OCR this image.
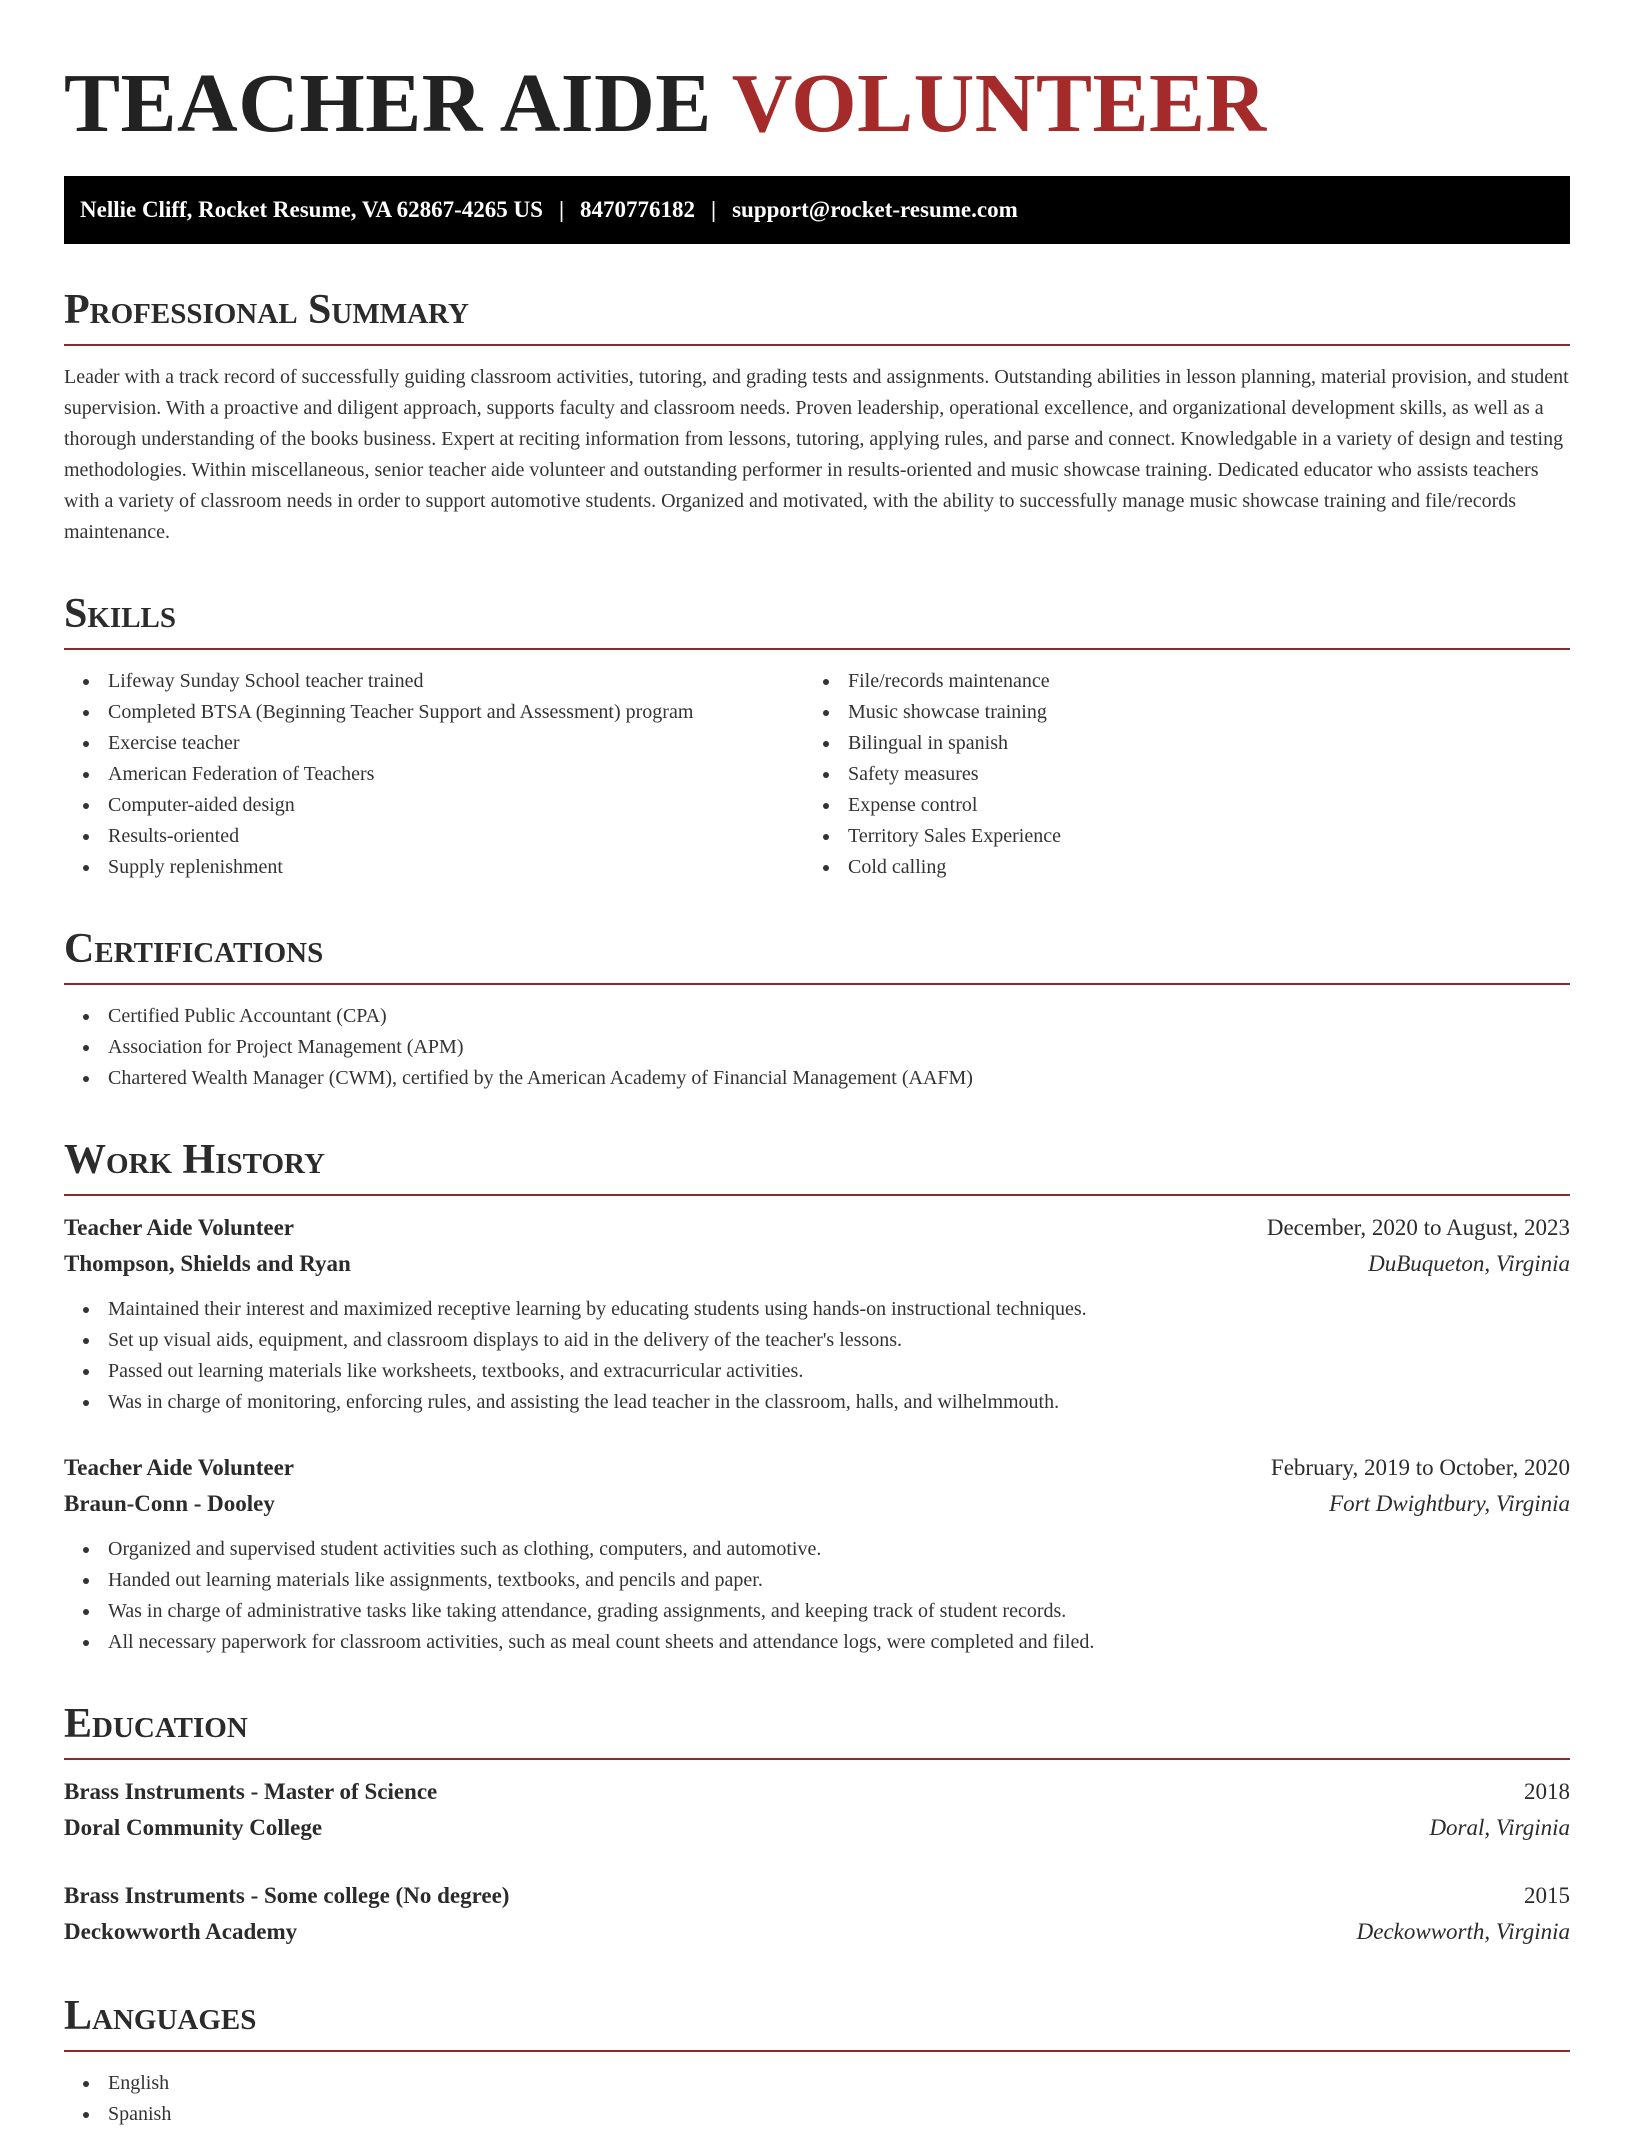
TEACHER AIDE VOLUNTEER
Nellie Cliff, Rocket Resume, VA 62867-4265 US | 8470776182 | support@rocket-resume.com
Professional Summary

Leader with a track record of successfully guiding classroom activities, tutoring, and grading tests and assignments. Outstanding abilities in lesson planning, material provision, and student supervision. With a proactive and diligent approach, supports faculty and classroom needs. Proven leadership, operational excellence, and organizational development skills, as well as a thorough understanding of the books business. Expert at reciting information from lessons, tutoring, applying rules, and parse and connect. Knowledgable in a variety of design and testing methodologies. Within miscellaneous, senior teacher aide volunteer and outstanding performer in results-oriented and music showcase training. Dedicated educator who assists teachers with a variety of classroom needs in order to support automotive students. Organized and motivated, with the ability to successfully manage music showcase training and file/records maintenance.

Skills
Lifeway Sunday School teacher trained
Completed BTSA (Beginning Teacher Support and Assessment) program
Exercise teacher
American Federation of Teachers
Computer-aided design
Results-oriented
Supply replenishment
File/records maintenance
Music showcase training
Bilingual in spanish
Safety measures
Expense control
Territory Sales Experience
Cold calling
Certifications
Certified Public Accountant (CPA)
Association for Project Management (APM)
Chartered Wealth Manager (CWM), certified by the American Academy of Financial Management (AAFM)
Work History
Teacher Aide Volunteer	December, 2020 to August, 2023
Thompson, Shields and Ryan	DuBuqueton, Virginia
Maintained their interest and maximized receptive learning by educating students using hands-on instructional techniques.
Set up visual aids, equipment, and classroom displays to aid in the delivery of the teacher's lessons.
Passed out learning materials like worksheets, textbooks, and extracurricular activities.
Was in charge of monitoring, enforcing rules, and assisting the lead teacher in the classroom, halls, and wilhelmmouth.
Teacher Aide Volunteer	February, 2019 to October, 2020
Braun-Conn - Dooley	Fort Dwightbury, Virginia
Organized and supervised student activities such as clothing, computers, and automotive.
Handed out learning materials like assignments, textbooks, and pencils and paper.
Was in charge of administrative tasks like taking attendance, grading assignments, and keeping track of student records.
All necessary paperwork for classroom activities, such as meal count sheets and attendance logs, were completed and filed.
Education
Brass Instruments - Master of Science	2018
Doral Community College	Doral, Virginia
Brass Instruments - Some college (No degree)	2015
Deckowworth Academy	Deckowworth, Virginia
Languages
English
Spanish
